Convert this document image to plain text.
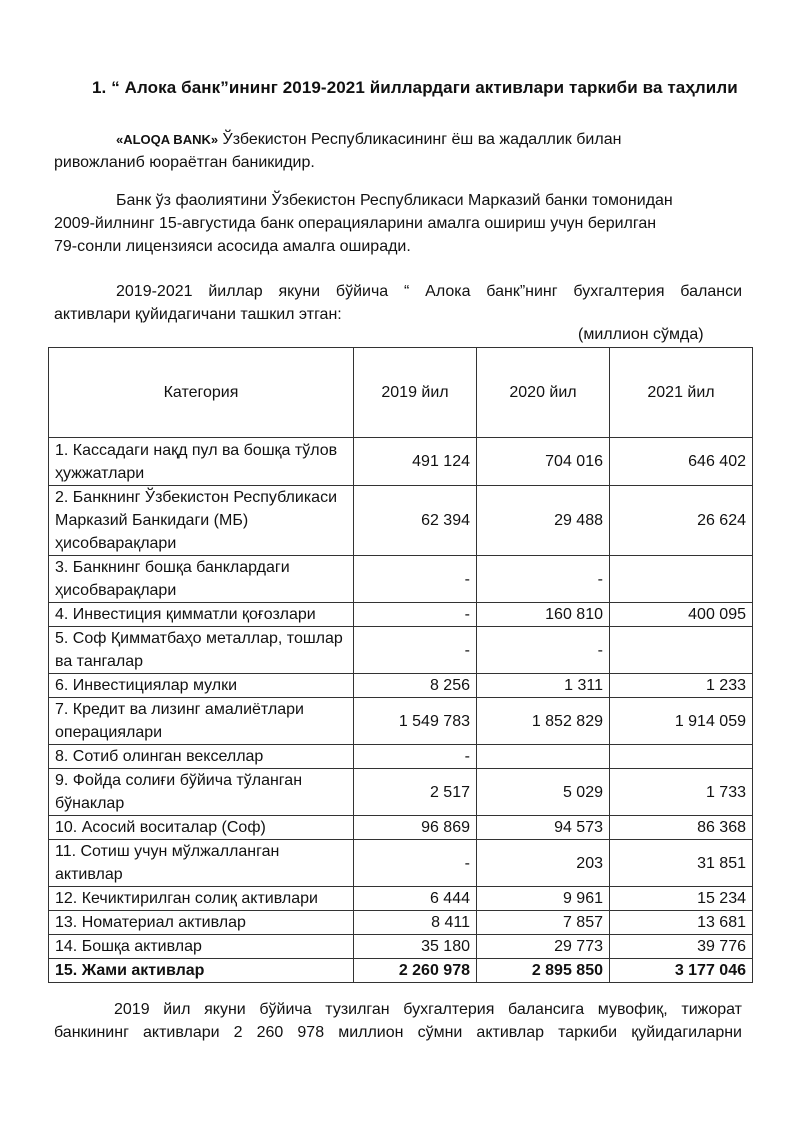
1. “ Алока банк”ининг 2019-2021 йиллардаги активлари таркиби ва таҳлили
«ALOQA BANK» Ўзбекистон Республикасининг ёш ва жадаллик билан
ривожланиб юораётган баникидир.
Банк ўз фаолиятини Ўзбекистон Республикаси Марказий банки томонидан
2009-йилнинг 15-августида банк операцияларини амалга ошириш учун берилган
79-сонли лицензияси асосида амалга оширади.
2019-2021 йиллар якуни бўйича “ Алока банк”нинг бухгалтерия баланси
активлари қуйидагичани ташкил этган:
(миллион сўмда)
Категория	2019 йил	2020 йил	2021 йил
1. Кассадаги нақд пул ва бошқа тўлов ҳужжатлари	491 124	704 016	646 402
2. Банкнинг Ўзбекистон Республикаси Марказий Банкидаги (МБ) ҳисобварақлари	62 394	29 488	26 624
3. Банкнинг бошқа банклардаги ҳисобварақлари	-	-	
4. Инвестиция қимматли қоғозлари	-	160 810	400 095
5. Соф Қимматбаҳо металлар, тошлар ва тангалар	-	-	
6. Инвестициялар мулки	8 256	1 311	1 233
7. Кредит ва лизинг амалиётлари операциялари	1 549 783	1 852 829	1 914 059
8. Сотиб олинган векселлар	-		
9. Фойда солиғи бўйича тўланган бўнаклар	2 517	5 029	1 733
10. Асосий воситалар (Соф)	96 869	94 573	86 368
11. Сотиш учун мўлжалланган активлар	-	203	31 851
12. Кечиктирилган солиқ активлари	6 444	9 961	15 234
13. Номатериал активлар	8 411	7 857	13 681
14. Бошқа активлар	35 180	29 773	39 776
15. Жами активлар	2 260 978	2 895 850	3 177 046
2019 йил якуни бўйича тузилган бухгалтерия балансига мувофиқ, тижорат
банкининг активлари 2 260 978 миллион сўмни активлар таркиби қуйидагиларни
